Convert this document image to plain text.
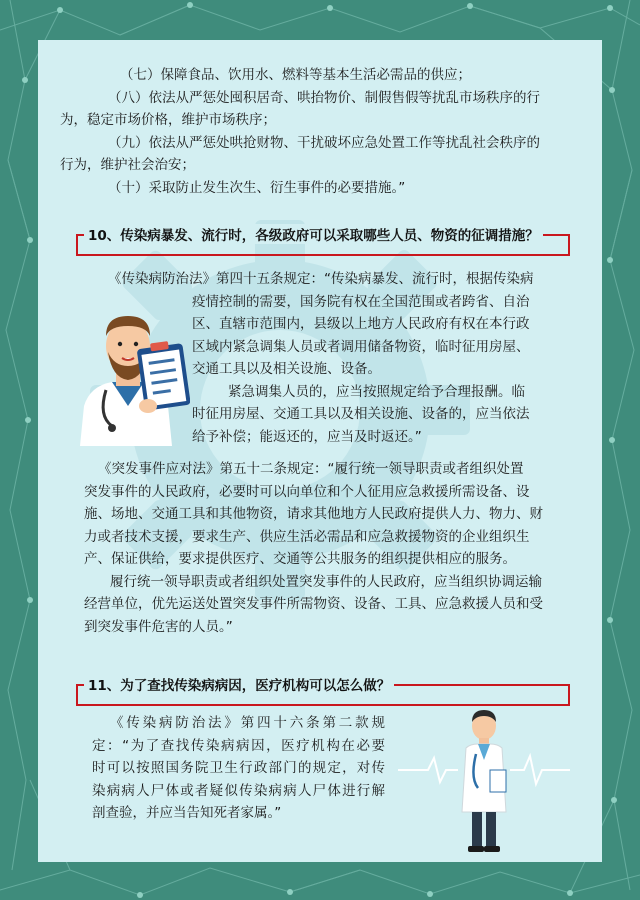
（七）保障食品、饮用水、燃料等基本生活必需品的供应；

（八）依法从严惩处囤积居奇、哄抬物价、制假售假等扰乱市场秩序的行

为，稳定市场价格，维护市场秩序；

（九）依法从严惩处哄抢财物、干扰破坏应急处置工作等扰乱社会秩序的

行为，维护社会治安；

（十）采取防止发生次生、衍生事件的必要措施。”

10、传染病暴发、流行时，各级政府可以采取哪些人员、物资的征调措施？

《传染病防治法》第四十五条规定：“传染病暴发、流行时，根据传染病

疫情控制的需要，国务院有权在全国范围或者跨省、自治

区、直辖市范围内，县级以上地方人民政府有权在本行政

区域内紧急调集人员或者调用储备物资，临时征用房屋、

交通工具以及相关设施、设备。

紧急调集人员的，应当按照规定给予合理报酬。临

时征用房屋、交通工具以及相关设施、设备的，应当依法

给予补偿；能返还的，应当及时返还。”

《突发事件应对法》第五十二条规定：“履行统一领导职责或者组织处置

突发事件的人民政府，必要时可以向单位和个人征用应急救援所需设备、设

施、场地、交通工具和其他物资，请求其他地方人民政府提供人力、物力、财

力或者技术支援，要求生产、供应生活必需品和应急救援物资的企业组织生

产、保证供给，要求提供医疗、交通等公共服务的组织提供相应的服务。

履行统一领导职责或者组织处置突发事件的人民政府，应当组织协调运输

经营单位，优先运送处置突发事件所需物资、设备、工具、应急救援人员和受

到突发事件危害的人员。”

11、为了查找传染病病因，医疗机构可以怎么做？

《传染病防治法》第四十六条第二款规

定：“为了查找传染病病因，医疗机构在必要

时可以按照国务院卫生行政部门的规定，对传

染病病人尸体或者疑似传染病病人尸体进行解

剖查验，并应当告知死者家属。”
